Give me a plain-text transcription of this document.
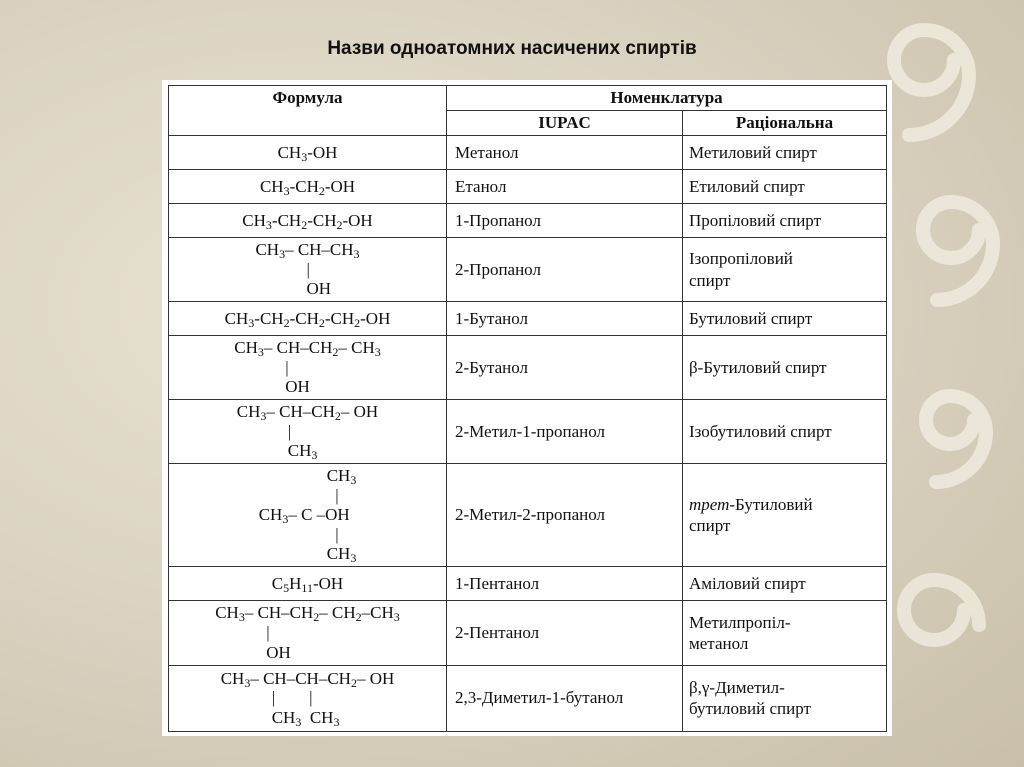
Назви одноатомних насичених спиртів
Формула	Номенклатура	
	IUPAC	Раціональна

$CH_3-OH$	Метанол	Метиловий спирт

$CH_3-CH_2-OH$	Етанол	Етиловий спирт

$CH_3-CH_2-CH_2-OH$	1-Пропанол	Пропіловий спирт

$CH_3-$ $CH-CH_3$
|
OH	2-Пропанол	Ізопропіловий
спирт

$CH_3-CH_2-CH_2-CH_2-OH$	1-Бутанол	Бутиловий спирт

$CH_3-$ $CH-CH_2-$ $CH_3$
|
OH	2-Бутанол	β-Бутиловий спирт

$CH_3-$ $CH-CH_2-$ OH
|
$CH_3$	2-Метил-1-пропанол	Ізобутиловий спирт

$CH_3$
|
$CH_3-$ C –OH
|
$CH_3$	2-Метил-2-пропанол	трет-Бутиловий
спирт

$C_5H_{11}-OH$	1-Пентанол	Аміловий спирт

$CH_3-$ $CH-CH_2-$ $CH_2-CH_3$
|
OH	2-Пентанол	Метилпропіл-
метанол

$CH_3-$ $CH-CH-CH_2-$ OH
|        |
$CH_3$  $CH_3$	2,3-Диметил-1-бутанол	β,γ-Диметил-
бутиловий спирт
